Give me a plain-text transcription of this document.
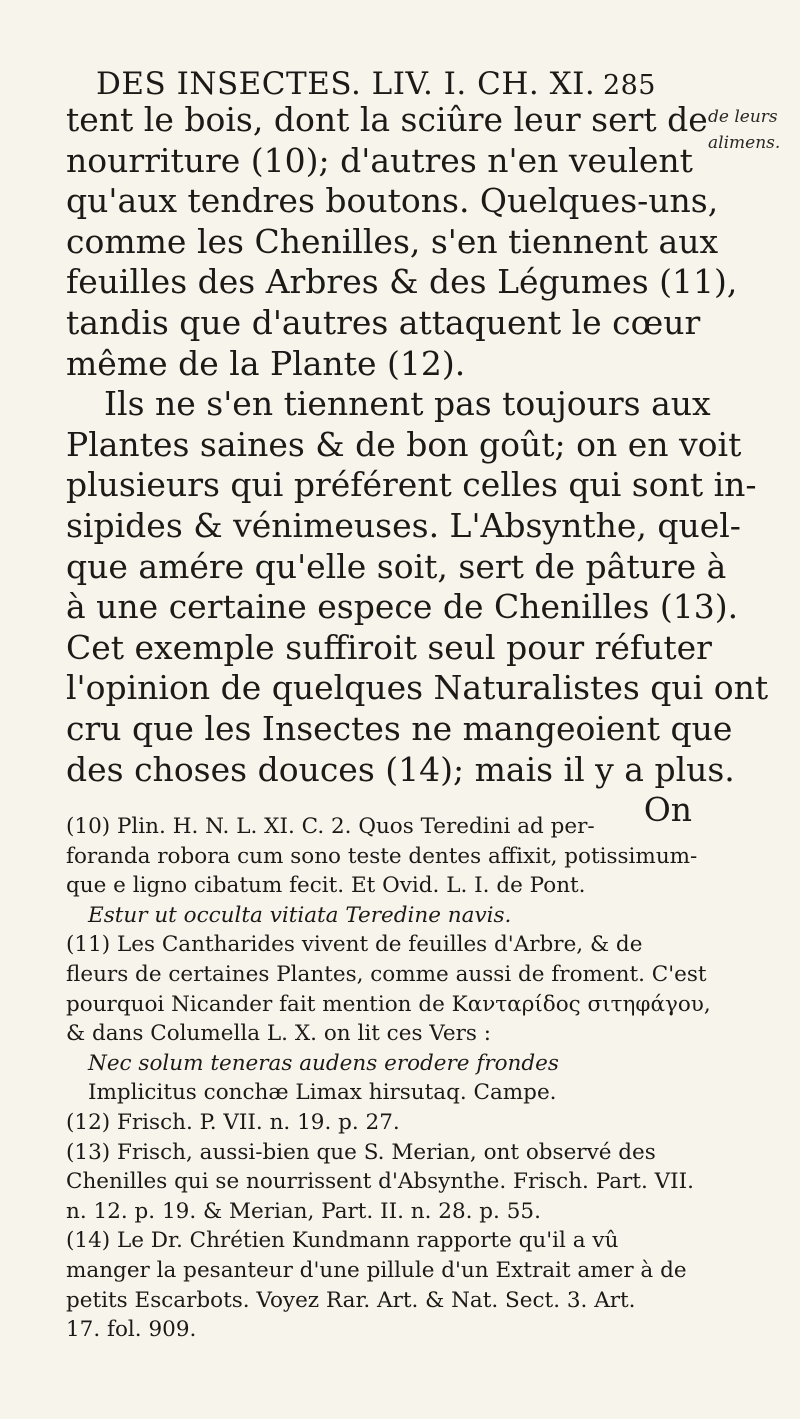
DES INSECTES. LIV. I. CH. XI. 285
de leurs alimens.
tent le bois, dont la sciûre leur sert de
nourriture (10); d'autres n'en veulent
qu'aux tendres boutons. Quelques-uns,
comme les Chenilles, s'en tiennent aux
feuilles des Arbres & des Légumes (11),
tandis que d'autres attaquent le cœur
même de la Plante (12).
Ils ne s'en tiennent pas toujours aux
Plantes saines & de bon goût; on en voit
plusieurs qui préférent celles qui sont in-
sipides & vénimeuses. L'Absynthe, quel-
que amére qu'elle soit, sert de pâture à
à une certaine espece de Chenilles (13).
Cet exemple suffiroit seul pour réfuter
l'opinion de quelques Naturalistes qui ont
cru que les Insectes ne mangeoient que
des choses douces (14); mais il y a plus.
On
(10) Plin. H. N. L. XI. C. 2. Quos Teredini ad per-
foranda robora cum sono teste dentes affixit, potissimum-
que e ligno cibatum fecit. Et Ovid. L. I. de Pont.
Estur ut occulta vitiata Teredine navis.
(11) Les Cantharides vivent de feuilles d'Arbre, & de
fleurs de certaines Plantes, comme aussi de froment. C'est
pourquoi Nicander fait mention de Κανταρίδος σιτηφάγου,
& dans Columella L. X. on lit ces Vers :
Nec solum teneras audens erodere frondes
Implicitus conchæ Limax hirsutaq. Campe.
(12) Frisch. P. VII. n. 19. p. 27.
(13) Frisch, aussi-bien que S. Merian, ont observé des
Chenilles qui se nourrissent d'Absynthe. Frisch. Part. VII.
n. 12. p. 19. & Merian, Part. II. n. 28. p. 55.
(14) Le Dr. Chrétien Kundmann rapporte qu'il a vû
manger la pesanteur d'une pillule d'un Extrait amer à de
petits Escarbots. Voyez Rar. Art. & Nat. Sect. 3. Art.
17. fol. 909.
